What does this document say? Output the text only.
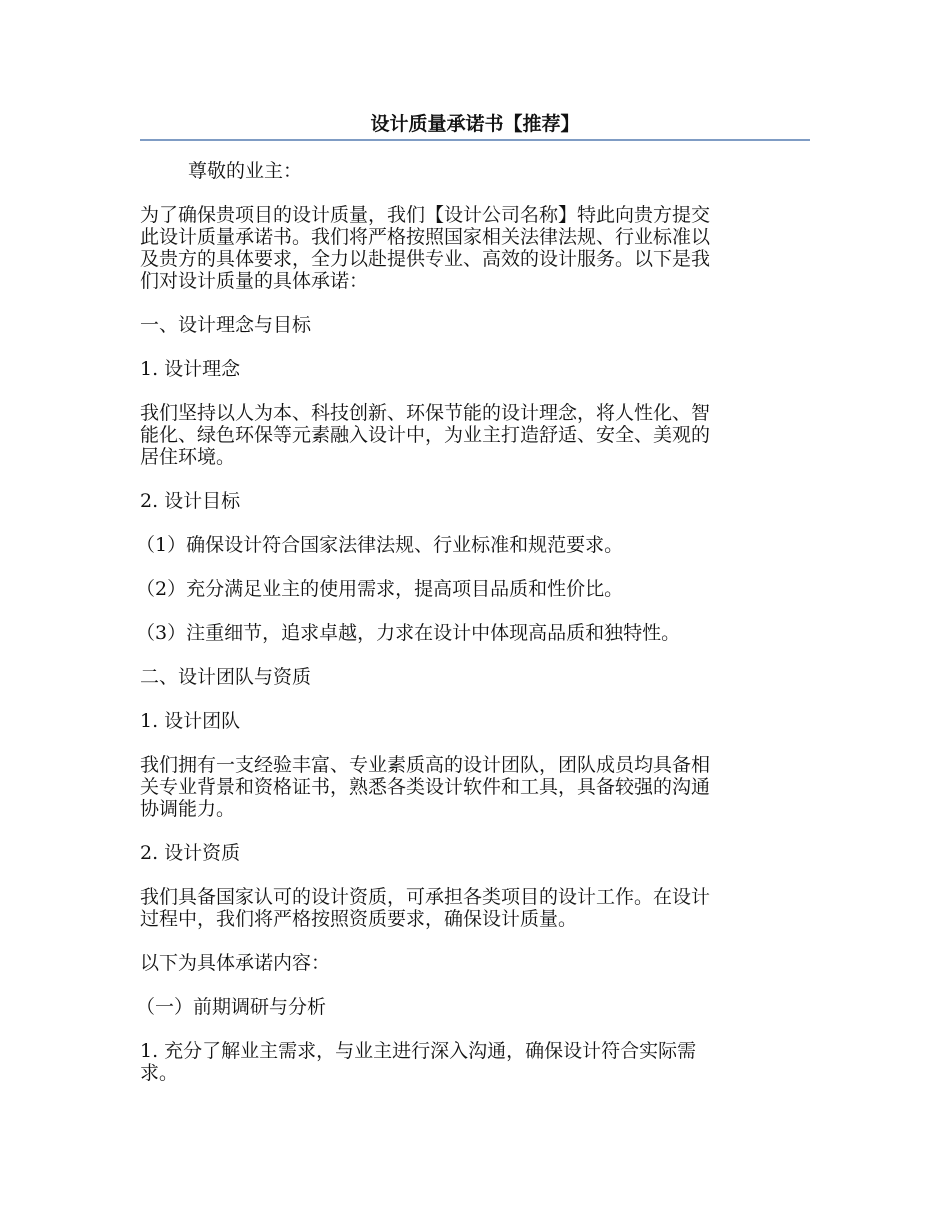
设计质量承诺书【推荐】

尊敬的业主：

为了确保贵项目的设计质量，我们【设计公司名称】特此向贵方提交

此设计质量承诺书。我们将严格按照国家相关法律法规、行业标准以

及贵方的具体要求，全力以赴提供专业、高效的设计服务。以下是我

们对设计质量的具体承诺：

一、设计理念与目标

1. 设计理念

我们坚持以人为本、科技创新、环保节能的设计理念，将人性化、智

能化、绿色环保等元素融入设计中，为业主打造舒适、安全、美观的

居住环境。

2. 设计目标

（1）确保设计符合国家法律法规、行业标准和规范要求。

（2）充分满足业主的使用需求，提高项目品质和性价比。

（3）注重细节，追求卓越，力求在设计中体现高品质和独特性。

二、设计团队与资质

1. 设计团队

我们拥有一支经验丰富、专业素质高的设计团队，团队成员均具备相

关专业背景和资格证书，熟悉各类设计软件和工具，具备较强的沟通

协调能力。

2. 设计资质

我们具备国家认可的设计资质，可承担各类项目的设计工作。在设计

过程中，我们将严格按照资质要求，确保设计质量。

以下为具体承诺内容：

（一）前期调研与分析

1. 充分了解业主需求，与业主进行深入沟通，确保设计符合实际需

求。
